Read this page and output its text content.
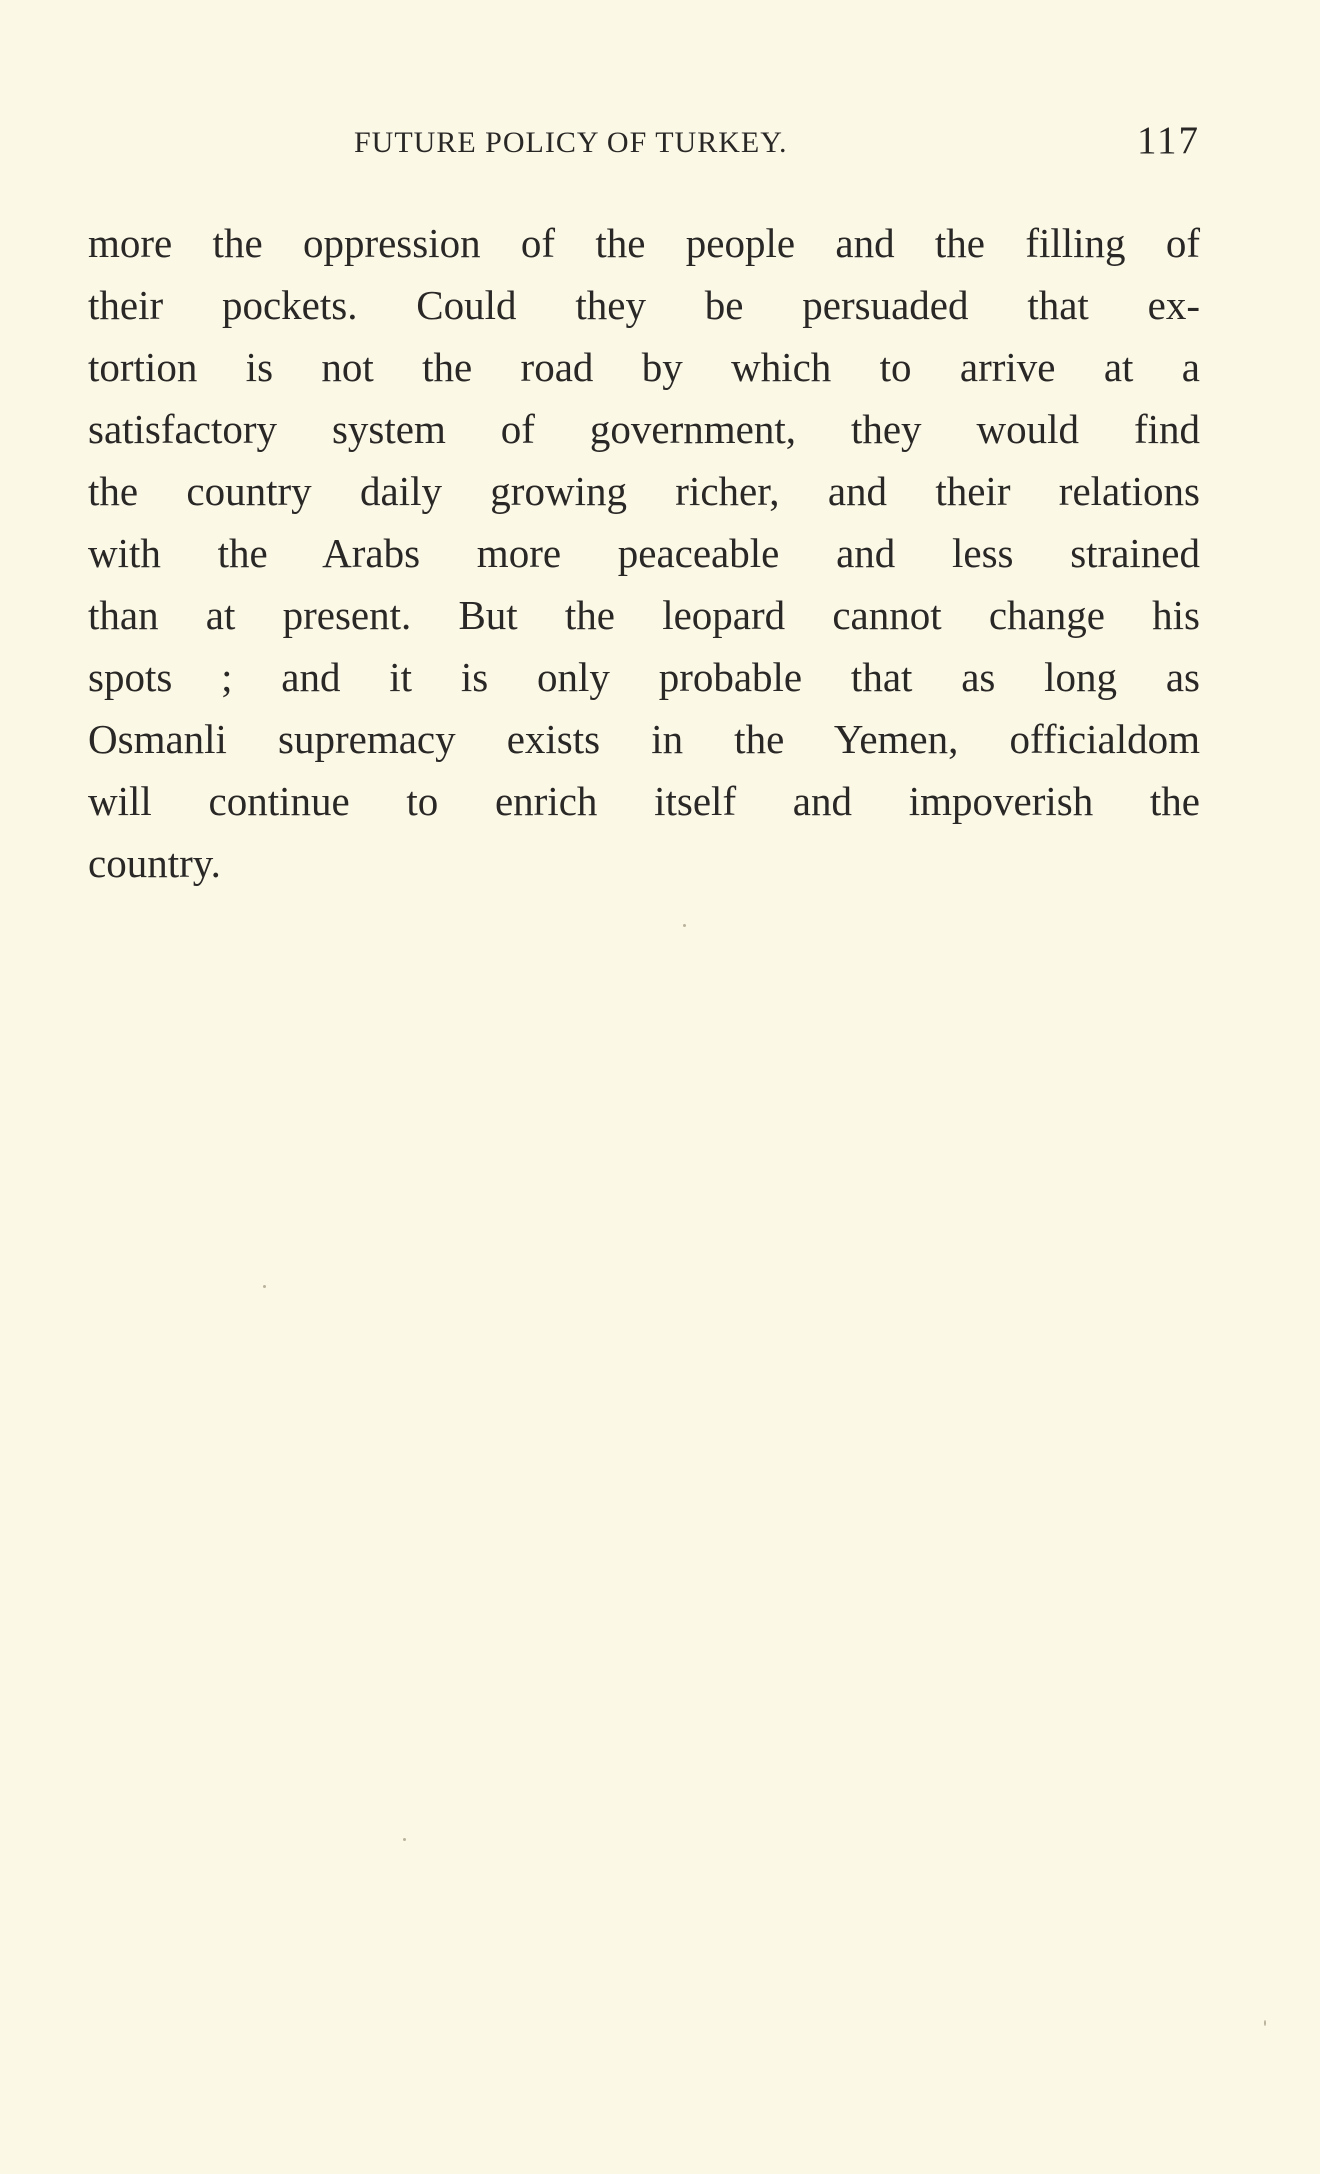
FUTURE POLICY OF TURKEY.	117
more the oppression of the people and the filling of
their pockets. Could they be persuaded that ex-
tortion is not the road by which to arrive at a
satisfactory system of government, they would find
the country daily growing richer, and their relations
with the Arabs more peaceable and less strained
than at present. But the leopard cannot change his
spots ; and it is only probable that as long as
Osmanli supremacy exists in the Yemen, officialdom
will continue to enrich itself and impoverish the
country.
